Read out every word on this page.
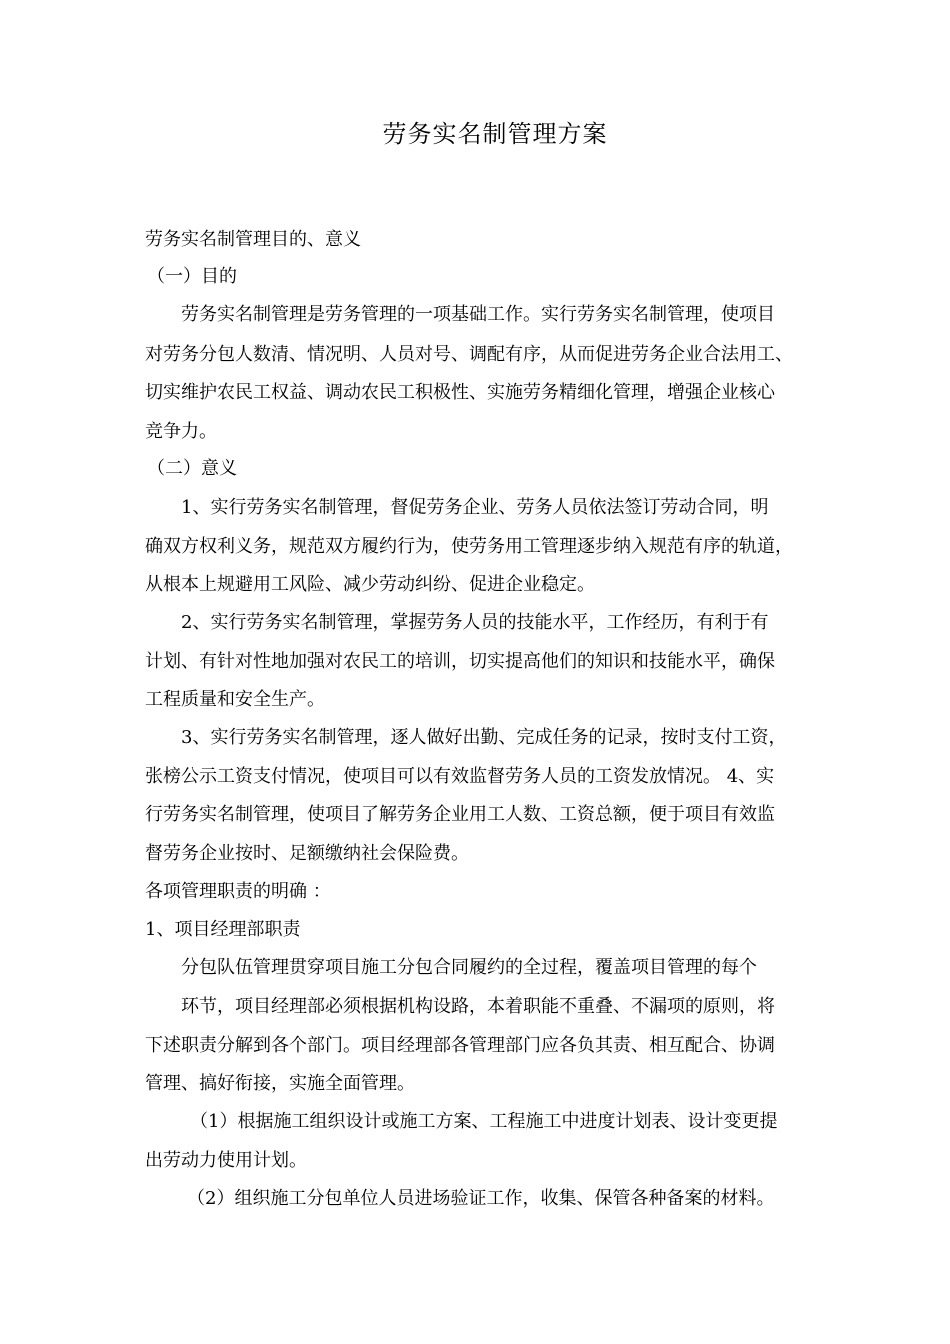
劳务实名制管理方案
劳务实名制管理目的、意义
（一）目的
劳务实名制管理是劳务管理的一项基础工作。实行劳务实名制管理，使项目
对劳务分包人数清、情况明、人员对号、调配有序，从而促进劳务企业合法用工、
切实维护农民工权益、调动农民工积极性、实施劳务精细化管理，增强企业核心
竞争力。
（二）意义
1、实行劳务实名制管理，督促劳务企业、劳务人员依法签订劳动合同，明
确双方权利义务，规范双方履约行为，使劳务用工管理逐步纳入规范有序的轨道，
从根本上规避用工风险、减少劳动纠纷、促进企业稳定。
2、实行劳务实名制管理，掌握劳务人员的技能水平，工作经历，有利于有
计划、有针对性地加强对农民工的培训，切实提高他们的知识和技能水平，确保
工程质量和安全生产。
3、实行劳务实名制管理，逐人做好出勤、完成任务的记录，按时支付工资，
张榜公示工资支付情况，使项目可以有效监督劳务人员的工资发放情况。 4、实
行劳务实名制管理，使项目了解劳务企业用工人数、工资总额，便于项目有效监
督劳务企业按时、足额缴纳社会保险费。
各项管理职责的明确 ：
1、项目经理部职责
分包队伍管理贯穿项目施工分包合同履约的全过程，覆盖项目管理的每个
环节，项目经理部必须根据机构设路，本着职能不重叠、不漏项的原则，将
下述职责分解到各个部门。项目经理部各管理部门应各负其责、相互配合、协调
管理、搞好衔接，实施全面管理。
（1）根据施工组织设计或施工方案、工程施工中进度计划表、设计变更提
出劳动力使用计划。
（2）组织施工分包单位人员进场验证工作，收集、保管各种备案的材料。
